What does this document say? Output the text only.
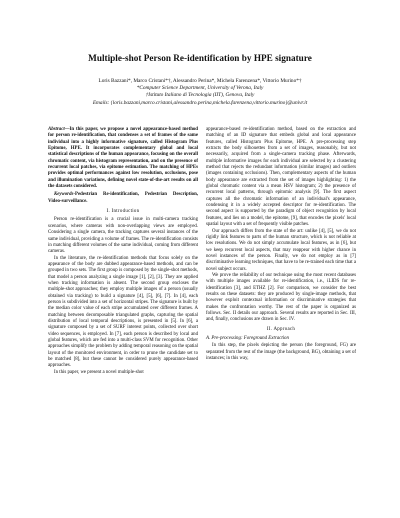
Multiple-shot Person Re-identification by HPE signature
Loris Bazzani*, Marco Cristani*†, Alessandro Perina*, Michela Farenzena*, Vittorio Murino*†
*Computer Science Department, University of Verona, Italy
†Istituto Italiano di Tecnologia (IIT), Genova, Italy
Emails: {loris.bazzani,marco.cristani,alessandro.perina,michela.farenzena,vittorio.murino}@univr.it

Abstract—In this paper, we propose a novel appearance-based method for person re-identification, that condenses a set of frames of the same individual into a highly informative signature, called Histogram Plus Epitome, HPE. It incorporates complementary global and local statistical descriptions of the human appearance, focusing on the overall chromatic content, via histogram representation, and on the presence of recurrent local patches, via epitome estimation. The matching of HPEs provides optimal performances against low resolution, occlusions, pose and illumination variations, defining novel state-of-the-art results on all the datasets considered.

Keywords-Pedestrian Re-identification, Pedestrian Description, Video-surveillance.

I. Introduction

Person re-identification is a crucial issue in multi-camera tracking scenarios, where cameras with non-overlapping views are employed. Considering a single camera, the tracking captures several instances of the same individual, providing a volume of frames. The re-identification consists in matching different volumes of the same individual, coming from different cameras.

In the literature, the re-identification methods that focus solely on the appearance of the body are dubbed appearance-based methods, and can be grouped in two sets. The first group is composed by the single-shot methods, that model a person analyzing a single image [1], [2], [3]. They are applied when tracking information is absent. The second group encloses the multiple-shot approaches; they employ multiple images of a person (usually obtained via tracking) to build a signature [4], [5], [6], [7]. In [4], each person is subdivided into a set of horizontal stripes. The signature is built by the median color value of each stripe accumulated over different frames. A matching between decomposable triangulated graphs, capturing the spatial distribution of local temporal descriptions, is presented in [5]. In [6], a signature composed by a set of SURF interest points, collected over short video sequences, is employed. In [7], each person is described by local and global features, which are fed into a multi-class SVM for recognition. Other approaches simplify the problem by adding temporal reasoning on the spatial layout of the monitored environment, in order to prune the candidate set to be matched [8], but these cannot be considered purely appearance-based approaches.

In this paper, we present a novel multiple-shot

appearance-based re-identification method, based on the extraction and matching of an ID signature that embeds global and local appearance features, called Histogram Plus Epitome, HPE. A pre-processing step extracts the body silhouettes from a set of images, reasonably, but not necessarily, acquired from a single-camera tracking phase. Afterwards, multiple informative images for each individual are selected by a clustering method that rejects the redundant information (similar images) and outliers (images containing occlusions). Then, complementary aspects of the human body appearance are extracted from the set of images highlighting: 1) the global chromatic content via a mean HSV histogram; 2) the presence of recurrent local patterns, through epitomic analysis [9]. The first aspect captures all the chromatic information of an individual's appearance, condensing it in a widely accepted descriptor for re-identification. The second aspect is supported by the paradigm of object recognition by local features, and lies on a model, the epitome, [9], that encodes the pixels' local spatial layout with a set of frequently visible patches.

Our approach differs from the state of the art: unlike [4], [5], we do not rigidly link features to parts of the human structure, which is not reliable at low resolutions. We do not simply accumulate local features, as in [6], but we keep recurrent local aspects, that may reappear with higher chance in novel instances of the person. Finally, we do not employ as in [7] discriminative learning techniques, that have to be re-trained each time that a novel subject occurs.

We prove the reliability of our technique using the most recent databases with multiple images available for re-identification, i.e., iLIDS for re-identification [3], and ETHZ [2]. For comparison, we consider the best results on these datasets: they are produced by single-image methods, that however exploit contextual information or discriminative strategies that makes the confrontation worthy. The rest of the paper is organized as follows. Sec. II details our approach. Several results are reported in Sec. III, and, finally, conclusions are drawn in Sec. IV.

II. Approach
A. Pre-processing: Foreground Extraction

In this step, the pixels depicting the person (the foreground, FG) are separated from the rest of the image (the background, BG), obtaining a set of instances; in this way,
